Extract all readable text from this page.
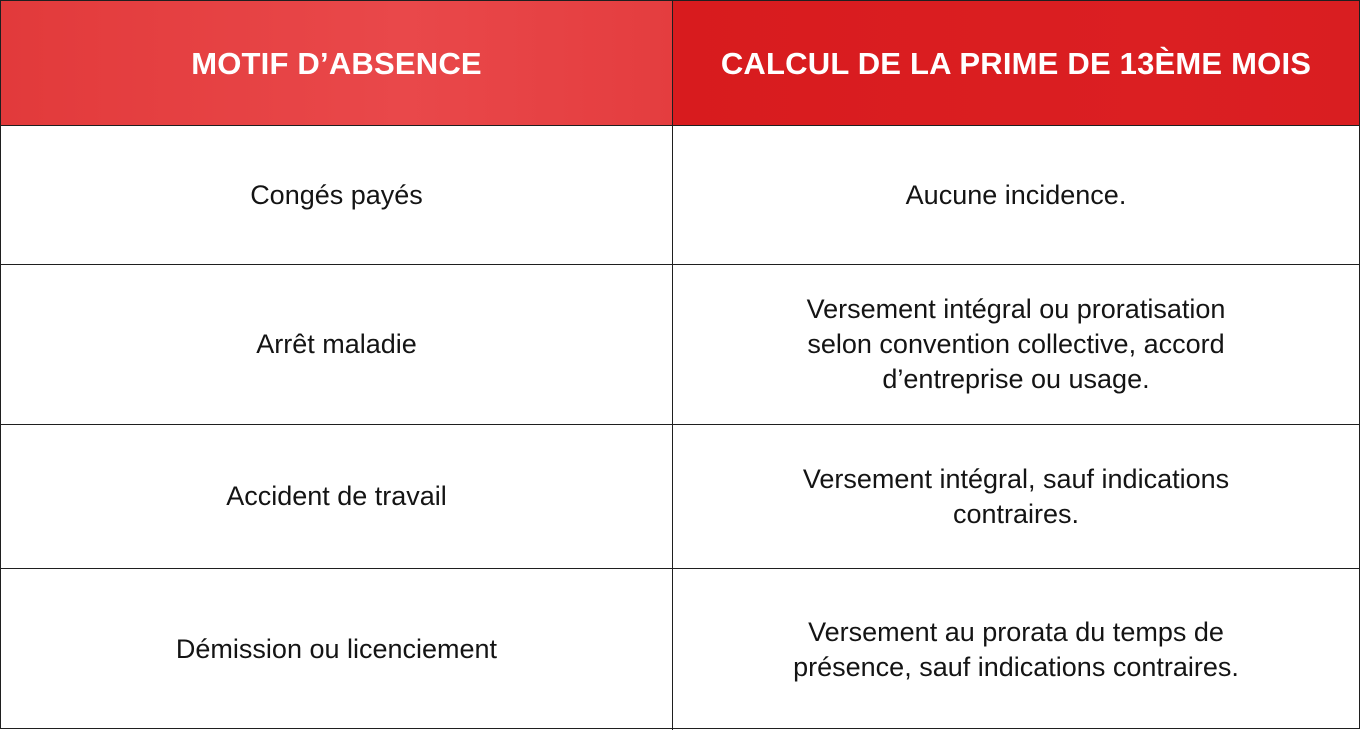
MOTIF D’ABSENCE	CALCUL DE LA PRIME DE 13ÈME MOIS
Congés payés	Aucune incidence.
Arrêt maladie
Versement intégral ou proratisation selon convention collective, accord d’entreprise ou usage.
Accident de travail
Versement intégral, sauf indications contraires.
Démission ou licenciement
Versement au prorata du temps de présence, sauf indications contraires.
